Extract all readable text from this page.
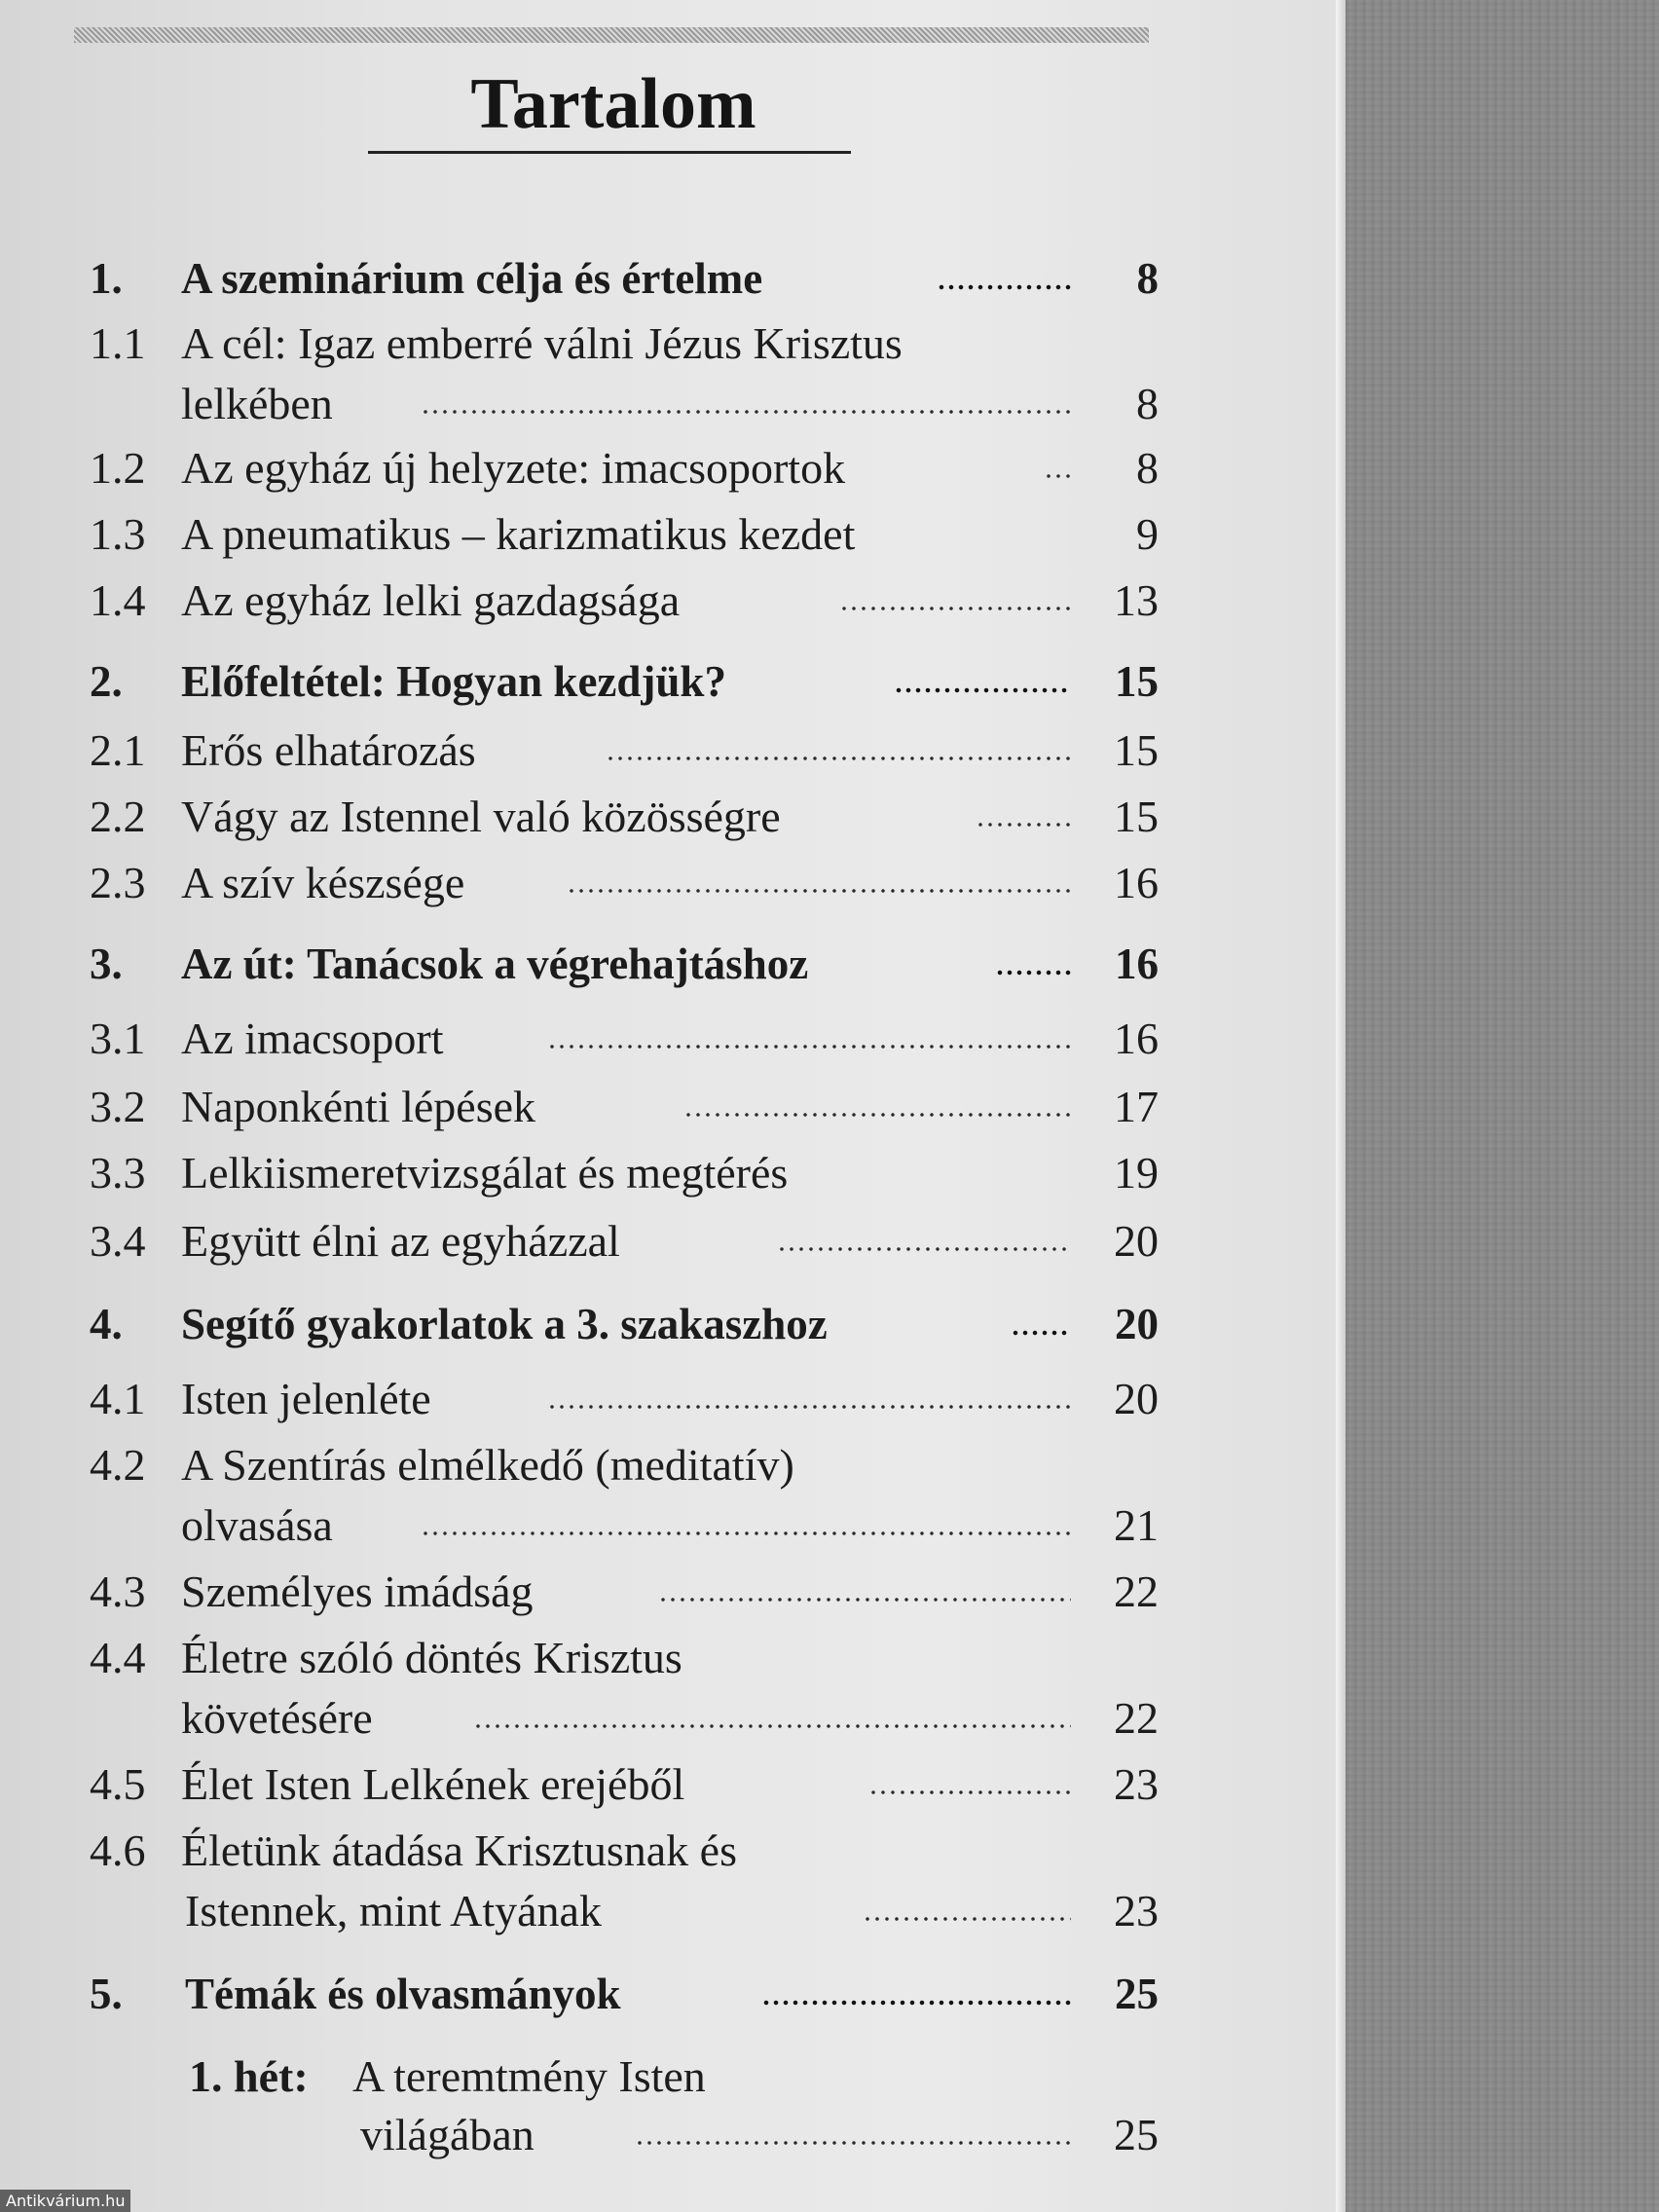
Tartalom
1. A szeminárium célja és értelme	8
1.1 A cél: Igaz emberré válni Jézus Krisztus
lelkében	8
1.2 Az egyház új helyzete: imacsoportok	8
1.3 A pneumatikus – karizmatikus kezdet	9
1.4 Az egyház lelki gazdagsága	13
2. Előfeltétel: Hogyan kezdjük?	15
2.1 Erős elhatározás	15
2.2 Vágy az Istennel való közösségre	15
2.3 A szív készsége	16
3. Az út: Tanácsok a végrehajtáshoz	16
3.1 Az imacsoport	16
3.2 Naponkénti lépések	17
3.3 Lelkiismeretvizsgálat és megtérés	19
3.4 Együtt élni az egyházzal	20
4. Segítő gyakorlatok a 3. szakaszhoz	20
4.1 Isten jelenléte	20
4.2 A Szentírás elmélkedő (meditatív)
olvasása	21
4.3 Személyes imádság	22
4.4 Életre szóló döntés Krisztus
követésére	22
4.5 Élet Isten Lelkének erejéből	23
4.6 Életünk átadása Krisztusnak és
Istennek, mint Atyának	23
5. Témák és olvasmányok	25
1. hét: A teremtmény Isten
világában	25
Antikvárium.hu
